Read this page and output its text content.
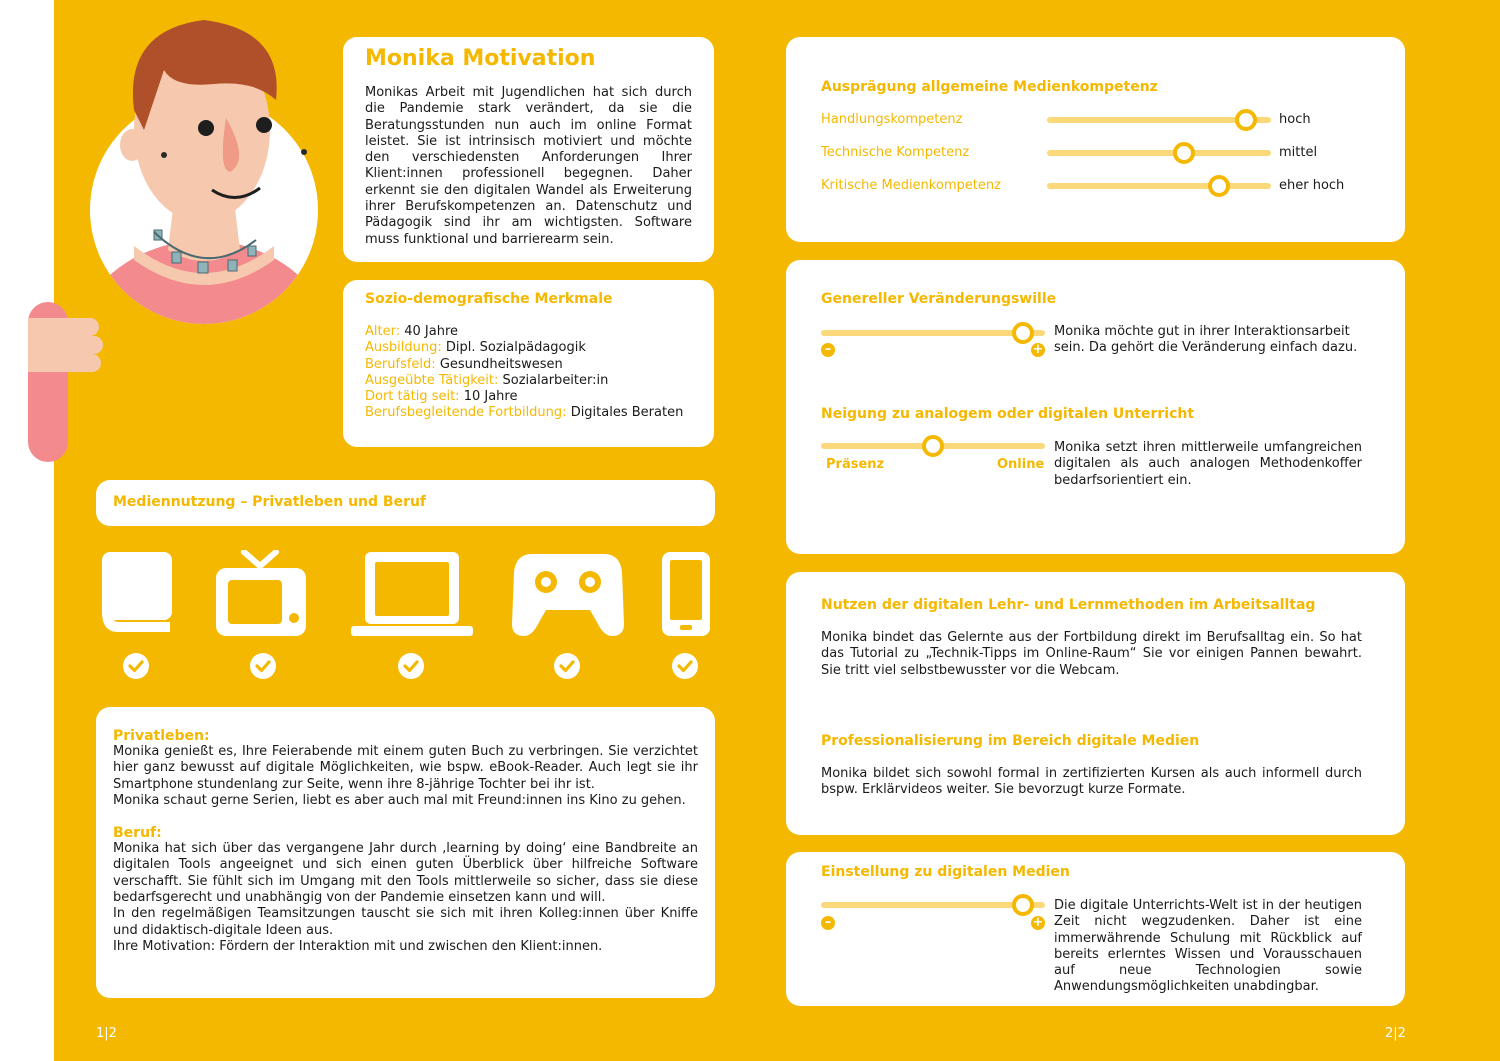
Monika Motivation
Monikas Arbeit mit Jugendlichen hat sich durch die Pandemie stark verändert, da sie die Beratungsstunden nun auch im online Format leistet. Sie ist intrinsisch motiviert und möchte den verschiedensten Anforderungen Ihrer Klient:innen professionell begegnen. Daher erkennt sie den digitalen Wandel als Erweiterung ihrer Berufskompetenzen an. Datenschutz und Pädagogik sind ihr am wichtigsten. Software muss funktional und barrierearm sein.
Sozio-demografische Merkmale
Alter: 40 Jahre
Ausbildung: Dipl. Sozialpädagogik
Berufsfeld: Gesundheitswesen
Ausgeübte Tätigkeit: Sozialarbeiter:in
Dort tätig seit: 10 Jahre
Berufsbegleitende Fortbildung: Digitales Beraten
Mediennutzung – Privatleben und Beruf
Privatleben:
Monika genießt es, Ihre Feierabende mit einem guten Buch zu verbringen. Sie verzichtet hier ganz bewusst auf digitale Möglichkeiten, wie bspw. eBook-Reader. Auch legt sie ihr Smartphone stundenlang zur Seite, wenn ihre 8-jährige Tochter bei ihr ist.
Monika schaut gerne Serien, liebt es aber auch mal mit Freund:innen ins Kino zu gehen.
Beruf:
Monika hat sich über das vergangene Jahr durch ‚learning by doing‘ eine Bandbreite an digitalen Tools angeeignet und sich einen guten Überblick über hilfreiche Software verschafft. Sie fühlt sich im Umgang mit den Tools mittlerweile so sicher, dass sie diese bedarfsgerecht und unabhängig von der Pandemie einsetzen kann und will.
In den regelmäßigen Teamsitzungen tauscht sie sich mit ihren Kolleg:innen über Kniffe und didaktisch-digitale Ideen aus.
Ihre Motivation: Fördern der Interaktion mit und zwischen den Klient:innen.
Ausprägung allgemeine Medienkompetenz
Handlungskompetenz	hoch
Technische Kompetenz	mittel
Kritische Medienkompetenz	eher hoch
Genereller Veränderungswille
–	+
Monika möchte gut in ihrer Interaktionsarbeit sein. Da gehört die Veränderung einfach dazu.
Neigung zu analogem oder digitalen Unterricht
Präsenz	Online
Monika setzt ihren mittlerweile umfangreichen digitalen als auch analogen Methodenkoffer bedarfsorientiert ein.
Nutzen der digitalen Lehr- und Lernmethoden im Arbeitsalltag
Monika bindet das Gelernte aus der Fortbildung direkt im Berufsalltag ein. So hat das Tutorial zu „Technik-Tipps im Online-Raum“ Sie vor einigen Pannen bewahrt. Sie tritt viel selbstbewusster vor die Webcam.
Professionalisierung im Bereich digitale Medien
Monika bildet sich sowohl formal in zertifizierten Kursen als auch informell durch bspw. Erklärvideos weiter. Sie bevorzugt kurze Formate.
Einstellung zu digitalen Medien
–	+
Die digitale Unterrichts-Welt ist in der heutigen Zeit nicht wegzudenken. Daher ist eine immerwährende Schulung mit Rückblick auf bereits erlerntes Wissen und Vorausschauen auf neue Technologien sowie Anwendungsmöglichkeiten unabdingbar.
1|2	2|2
